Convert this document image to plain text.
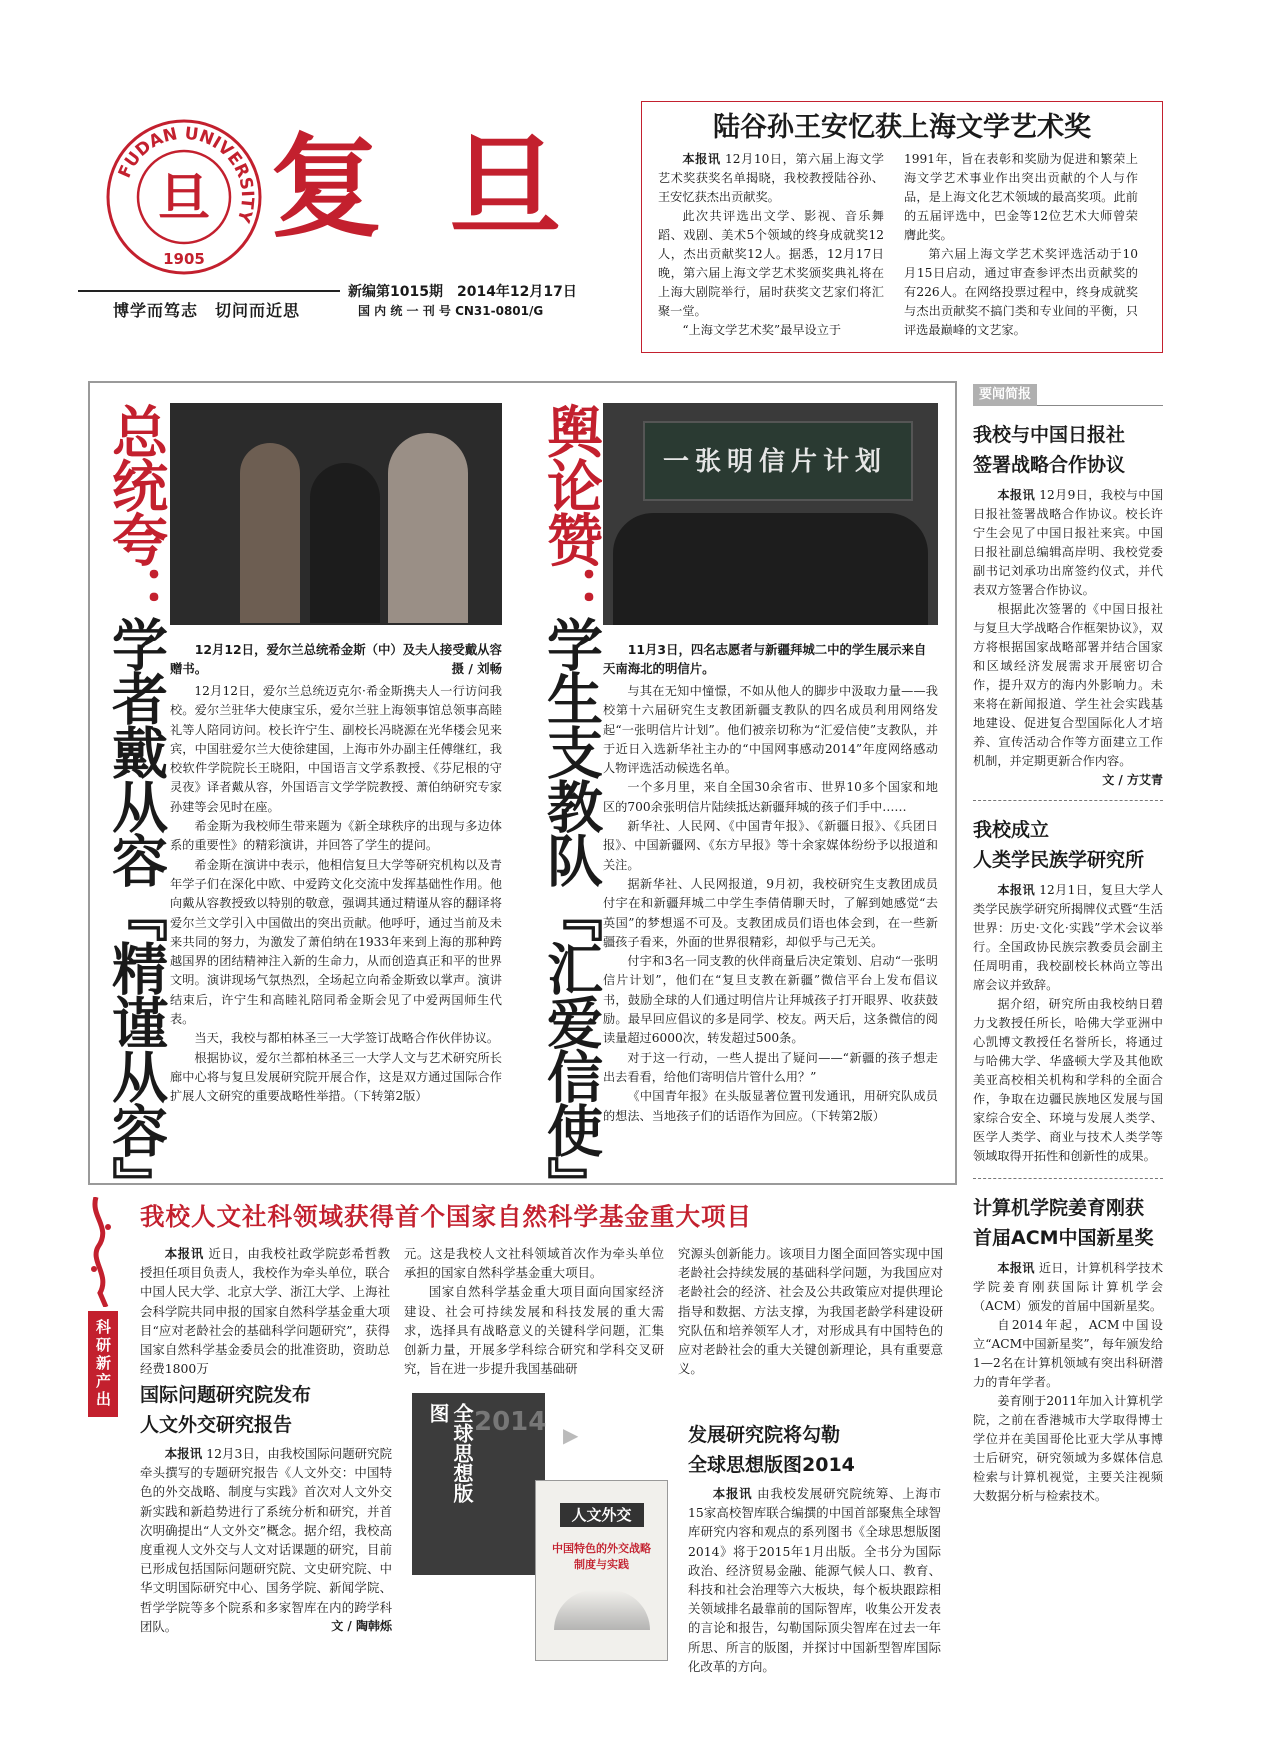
FUDAN UNIVERSITY
旦
1905
复 旦
博学而笃志　切问而近思
新编第1015期　2014年12月17日
国 内 统 一 刊 号 CN31-0801/G
陆谷孙王安忆获上海文学艺术奖

本报讯 12月10日，第六届上海文学艺术奖获奖名单揭晓，我校教授陆谷孙、王安忆获杰出贡献奖。

此次共评选出文学、影视、音乐舞蹈、戏剧、美术5个领域的终身成就奖12人，杰出贡献奖12人。据悉，12月17日晚，第六届上海文学艺术奖颁奖典礼将在上海大剧院举行，届时获奖文艺家们将汇聚一堂。

“上海文学艺术奖”最早设立于

1991年，旨在表彰和奖励为促进和繁荣上海文学艺术事业作出突出贡献的个人与作品，是上海文化艺术领域的最高奖项。此前的五届评选中，巴金等12位艺术大师曾荣膺此奖。

第六届上海文学艺术奖评选活动于10月15日启动，通过审查参评杰出贡献奖的有226人。在网络投票过程中，终身成就奖与杰出贡献奖不搞门类和专业间的平衡，只评选最巅峰的文艺家。

总统夸：
学者戴从容『精谨从容』	12月12日，爱尔兰总统希金斯（中）及夫人接受戴从容赠书。	摄 / 刘畅

12月12日，爱尔兰总统迈克尔·希金斯携夫人一行访问我校。爱尔兰驻华大使康宝乐，爱尔兰驻上海领事馆总领事高睦礼等人陪同访问。校长许宁生、副校长冯晓源在光华楼会见来宾，中国驻爱尔兰大使徐建国，上海市外办副主任傅继红，我校软件学院院长王晓阳，中国语言文学系教授、《芬尼根的守灵夜》译者戴从容，外国语言文学学院教授、萧伯纳研究专家孙建等会见时在座。

希金斯为我校师生带来题为《新全球秩序的出现与多边体系的重要性》的精彩演讲，并回答了学生的提问。

希金斯在演讲中表示，他相信复旦大学等研究机构以及青年学子们在深化中欧、中爱跨文化交流中发挥基础性作用。他向戴从容教授致以特别的敬意，强调其通过精谨从容的翻译将爱尔兰文学引入中国做出的突出贡献。他呼吁，通过当前及未来共同的努力，为激发了萧伯纳在1933年来到上海的那种跨越国界的团结精神注入新的生命力，从而创造真正和平的世界文明。演讲现场气氛热烈，全场起立向希金斯致以掌声。演讲结束后，许宁生和高睦礼陪同希金斯会见了中爱两国师生代表。

当天，我校与都柏林圣三一大学签订战略合作伙伴协议。

根据协议，爱尔兰都柏林圣三一大学人文与艺术研究所长廊中心将与复旦发展研究院开展合作，这是双方通过国际合作扩展人文研究的重要战略性举措。（下转第2版）

舆论赞：
学生支教队『汇爱信使』
一张明信片计划
11月3日，四名志愿者与新疆拜城二中的学生展示来自天南海北的明信片。

与其在无知中憧憬，不如从他人的脚步中汲取力量——我校第十六届研究生支教团新疆支教队的四名成员利用网络发起“一张明信片计划”。他们被亲切称为“汇爱信使”支教队，并于近日入选新华社主办的“中国网事感动2014”年度网络感动人物评选活动候选名单。

一个多月里，来自全国30余省市、世界10多个国家和地区的700余张明信片陆续抵达新疆拜城的孩子们手中……

新华社、人民网、《中国青年报》、《新疆日报》、《兵团日报》、中国新疆网、《东方早报》等十余家媒体纷纷予以报道和关注。

据新华社、人民网报道，9月初，我校研究生支教团成员付宇在和新疆拜城二中学生李倩倩聊天时，了解到她感觉“去英国”的梦想遥不可及。支教团成员们语也体会到，在一些新疆孩子看来，外面的世界很精彩，却似乎与己无关。

付宇和3名一同支教的伙伴商量后决定策划、启动“一张明信片计划”，他们在“复旦支教在新疆”微信平台上发布倡议书，鼓励全球的人们通过明信片让拜城孩子打开眼界、收获鼓励。最早回应倡议的多是同学、校友。两天后，这条微信的阅读量超过6000次，转发超过500条。

对于这一行动，一些人提出了疑问——“新疆的孩子想走出去看看，给他们寄明信片管什么用？”

《中国青年报》在头版显著位置刊发通讯，用研究队成员的想法、当地孩子们的话语作为回应。（下转第2版）

要闻简报
我校与中国日报社
签署战略合作协议

本报讯 12月9日，我校与中国日报社签署战略合作协议。校长许宁生会见了中国日报社来宾。中国日报社副总编辑高岸明、我校党委副书记刘承功出席签约仪式，并代表双方签署合作协议。

根据此次签署的《中国日报社与复旦大学战略合作框架协议》，双方将根据国家战略部署并结合国家和区域经济发展需求开展密切合作，提升双方的海内外影响力。未来将在新闻报道、学生社会实践基地建设、促进复合型国际化人才培养、宣传活动合作等方面建立工作机制，并定期更新合作内容。

文 / 方艾青
我校成立
人类学民族学研究所

本报讯 12月1日，复旦大学人类学民族学研究所揭牌仪式暨“生活世界：历史·文化·实践”学术会议举行。全国政协民族宗教委员会副主任周明甫，我校副校长林尚立等出席会议并致辞。

据介绍，研究所由我校纳日碧力戈教授任所长，哈佛大学亚洲中心凯博文教授任名誉所长，将通过与哈佛大学、华盛顿大学及其他欧美亚高校相关机构和学科的全面合作，争取在边疆民族地区发展与国家综合安全、环境与发展人类学、医学人类学、商业与技术人类学等领域取得开拓性和创新性的成果。

计算机学院姜育刚获
首届ACM中国新星奖

本报讯 近日，计算机科学技术学院姜育刚获国际计算机学会（ACM）颁发的首届中国新星奖。

自2014年起，ACM中国设立“ACM中国新星奖”，每年颁发给1—2名在计算机领域有突出科研潜力的青年学者。

姜育刚于2011年加入计算机学院，之前在香港城市大学取得博士学位并在美国哥伦比亚大学从事博士后研究，研究领域为多媒体信息检索与计算机视觉，主要关注视频大数据分析与检索技术。

科研新产出
我校人文社科领域获得首个国家自然科学基金重大项目

本报讯 近日，由我校社政学院彭希哲教授担任项目负责人，我校作为牵头单位，联合中国人民大学、北京大学、浙江大学、上海社会科学院共同申报的国家自然科学基金重大项目“应对老龄社会的基础科学问题研究”，获得国家自然科学基金委员会的批准资助，资助总经费1800万

元。这是我校人文社科领域首次作为牵头单位承担的国家自然科学基金重大项目。

国家自然科学基金重大项目面向国家经济建设、社会可持续发展和科技发展的重大需求，选择具有战略意义的关键科学问题，汇集创新力量，开展多学科综合研究和学科交叉研究，旨在进一步提升我国基础研

究源头创新能力。该项目力图全面回答实现中国老龄社会持续发展的基础科学问题，为我国应对老龄社会的经济、社会及公共政策应对提供理论指导和数据、方法支撑，为我国老龄学科建设研究队伍和培养领军人才，对形成具有中国特色的应对老龄社会的重大关键创新理论，具有重要意义。

国际问题研究院发布
人文外交研究报告

本报讯 12月3日，由我校国际问题研究院牵头撰写的专题研究报告《人文外交：中国特色的外交战略、制度与实践》首次对人文外交新实践和新趋势进行了系统分析和研究，并首次明确提出“人文外交”概念。据介绍，我校高度重视人文外交与人文对话课题的研究，目前已形成包括国际问题研究院、文史研究院、中华文明国际研究中心、国务学院、新闻学院、哲学学院等多个院系和多家智库在内的跨学科团队。	文 / 陶韩烁
全球思想版图 2014 ▶
人文外交
中国特色的外交战略制度与实践
发展研究院将勾勒
全球思想版图2014

本报讯 由我校发展研究院统筹、上海市15家高校智库联合编撰的中国首部聚焦全球智库研究内容和观点的系列图书《全球思想版图2014》将于2015年1月出版。全书分为国际政治、经济贸易金融、能源气候人口、教育、科技和社会治理等六大板块，每个板块跟踪相关领域排名最靠前的国际智库，收集公开发表的言论和报告，勾勒国际顶尖智库在过去一年所思、所言的版图，并探讨中国新型智库国际化改革的方向。
